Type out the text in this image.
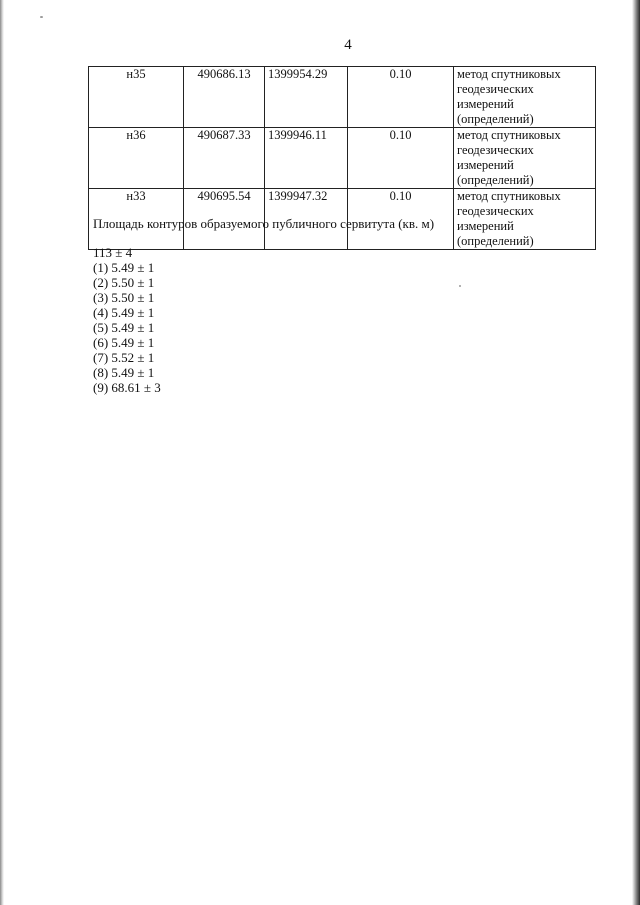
4
н35	490686.13	1399954.29	0.10	метод спутниковых геодезических измерений (определений)
н36	490687.33	1399946.11	0.10	метод спутниковых геодезических измерений (определений)
н33	490695.54	1399947.32	0.10	метод спутниковых геодезических измерений (определений)
Площадь контуров образуемого публичного сервитута (кв. м)
113 ± 4
(1) 5.49 ± 1
(2) 5.50 ± 1
(3) 5.50 ± 1
(4) 5.49 ± 1
(5) 5.49 ± 1
(6) 5.49 ± 1
(7) 5.52 ± 1
(8) 5.49 ± 1
(9) 68.61 ± 3
